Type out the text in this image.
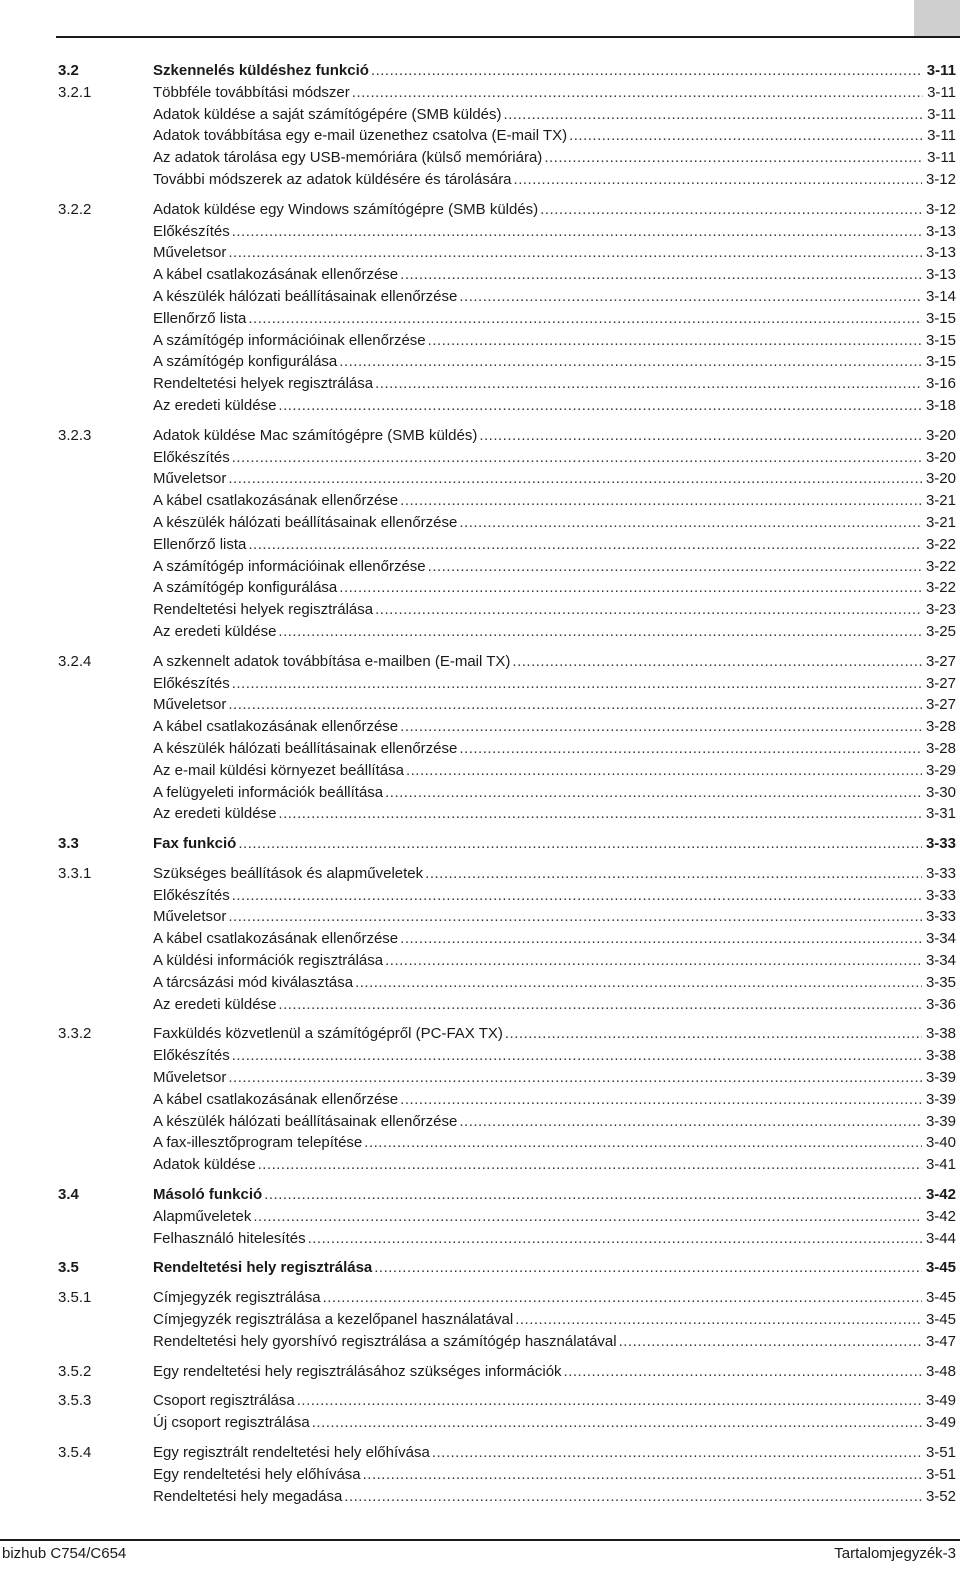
3.2	Szkennelés küldéshez funkció .....	3-11
3.2.1	Többféle továbbítási módszer .....	3-11
Adatok küldése a saját számítógépére (SMB küldés) .....	3-11
Adatok továbbítása egy e-mail üzenethez csatolva (E-mail TX) .....	3-11
Az adatok tárolása egy USB-memóriára (külső memóriára) .....	3-11
További módszerek az adatok küldésére és tárolására .....	3-12
3.2.2	Adatok küldése egy Windows számítógépre (SMB küldés) .....	3-12
Előkészítés .....	3-13
Műveletsor .....	3-13
A kábel csatlakozásának ellenőrzése .....	3-13
A készülék hálózati beállításainak ellenőrzése .....	3-14
Ellenőrző lista .....	3-15
A számítógép információinak ellenőrzése .....	3-15
A számítógép konfigurálása .....	3-15
Rendeltetési helyek regisztrálása .....	3-16
Az eredeti küldése .....	3-18
3.2.3	Adatok küldése Mac számítógépre (SMB küldés) .....	3-20
Előkészítés .....	3-20
Műveletsor .....	3-20
A kábel csatlakozásának ellenőrzése .....	3-21
A készülék hálózati beállításainak ellenőrzése .....	3-21
Ellenőrző lista .....	3-22
A számítógép információinak ellenőrzése .....	3-22
A számítógép konfigurálása .....	3-22
Rendeltetési helyek regisztrálása .....	3-23
Az eredeti küldése .....	3-25
3.2.4	A szkennelt adatok továbbítása e-mailben (E-mail TX) .....	3-27
Előkészítés .....	3-27
Műveletsor .....	3-27
A kábel csatlakozásának ellenőrzése .....	3-28
A készülék hálózati beállításainak ellenőrzése .....	3-28
Az e-mail küldési környezet beállítása .....	3-29
A felügyeleti információk beállítása .....	3-30
Az eredeti küldése .....	3-31
3.3	Fax funkció .....	3-33
3.3.1	Szükséges beállítások és alapműveletek .....	3-33
Előkészítés .....	3-33
Műveletsor .....	3-33
A kábel csatlakozásának ellenőrzése .....	3-34
A küldési információk regisztrálása .....	3-34
A tárcsázási mód kiválasztása .....	3-35
Az eredeti küldése .....	3-36
3.3.2	Faxküldés közvetlenül a számítógépről (PC-FAX TX) .....	3-38
Előkészítés .....	3-38
Műveletsor .....	3-39
A kábel csatlakozásának ellenőrzése .....	3-39
A készülék hálózati beállításainak ellenőrzése .....	3-39
A fax-illesztőprogram telepítése .....	3-40
Adatok küldése .....	3-41
3.4	Másoló funkció .....	3-42
Alapműveletek .....	3-42
Felhasználó hitelesítés .....	3-44
3.5	Rendeltetési hely regisztrálása .....	3-45
3.5.1	Címjegyzék regisztrálása .....	3-45
Címjegyzék regisztrálása a kezelőpanel használatával .....	3-45
Rendeltetési hely gyorshívó regisztrálása a számítógép használatával .....	3-47
3.5.2	Egy rendeltetési hely regisztrálásához szükséges információk .....	3-48
3.5.3	Csoport regisztrálása .....	3-49
Új csoport regisztrálása .....	3-49
3.5.4	Egy regisztrált rendeltetési hely előhívása .....	3-51
Egy rendeltetési hely előhívása .....	3-51
Rendeltetési hely megadása .....	3-52
bizhub C754/C654	Tartalomjegyzék-3
